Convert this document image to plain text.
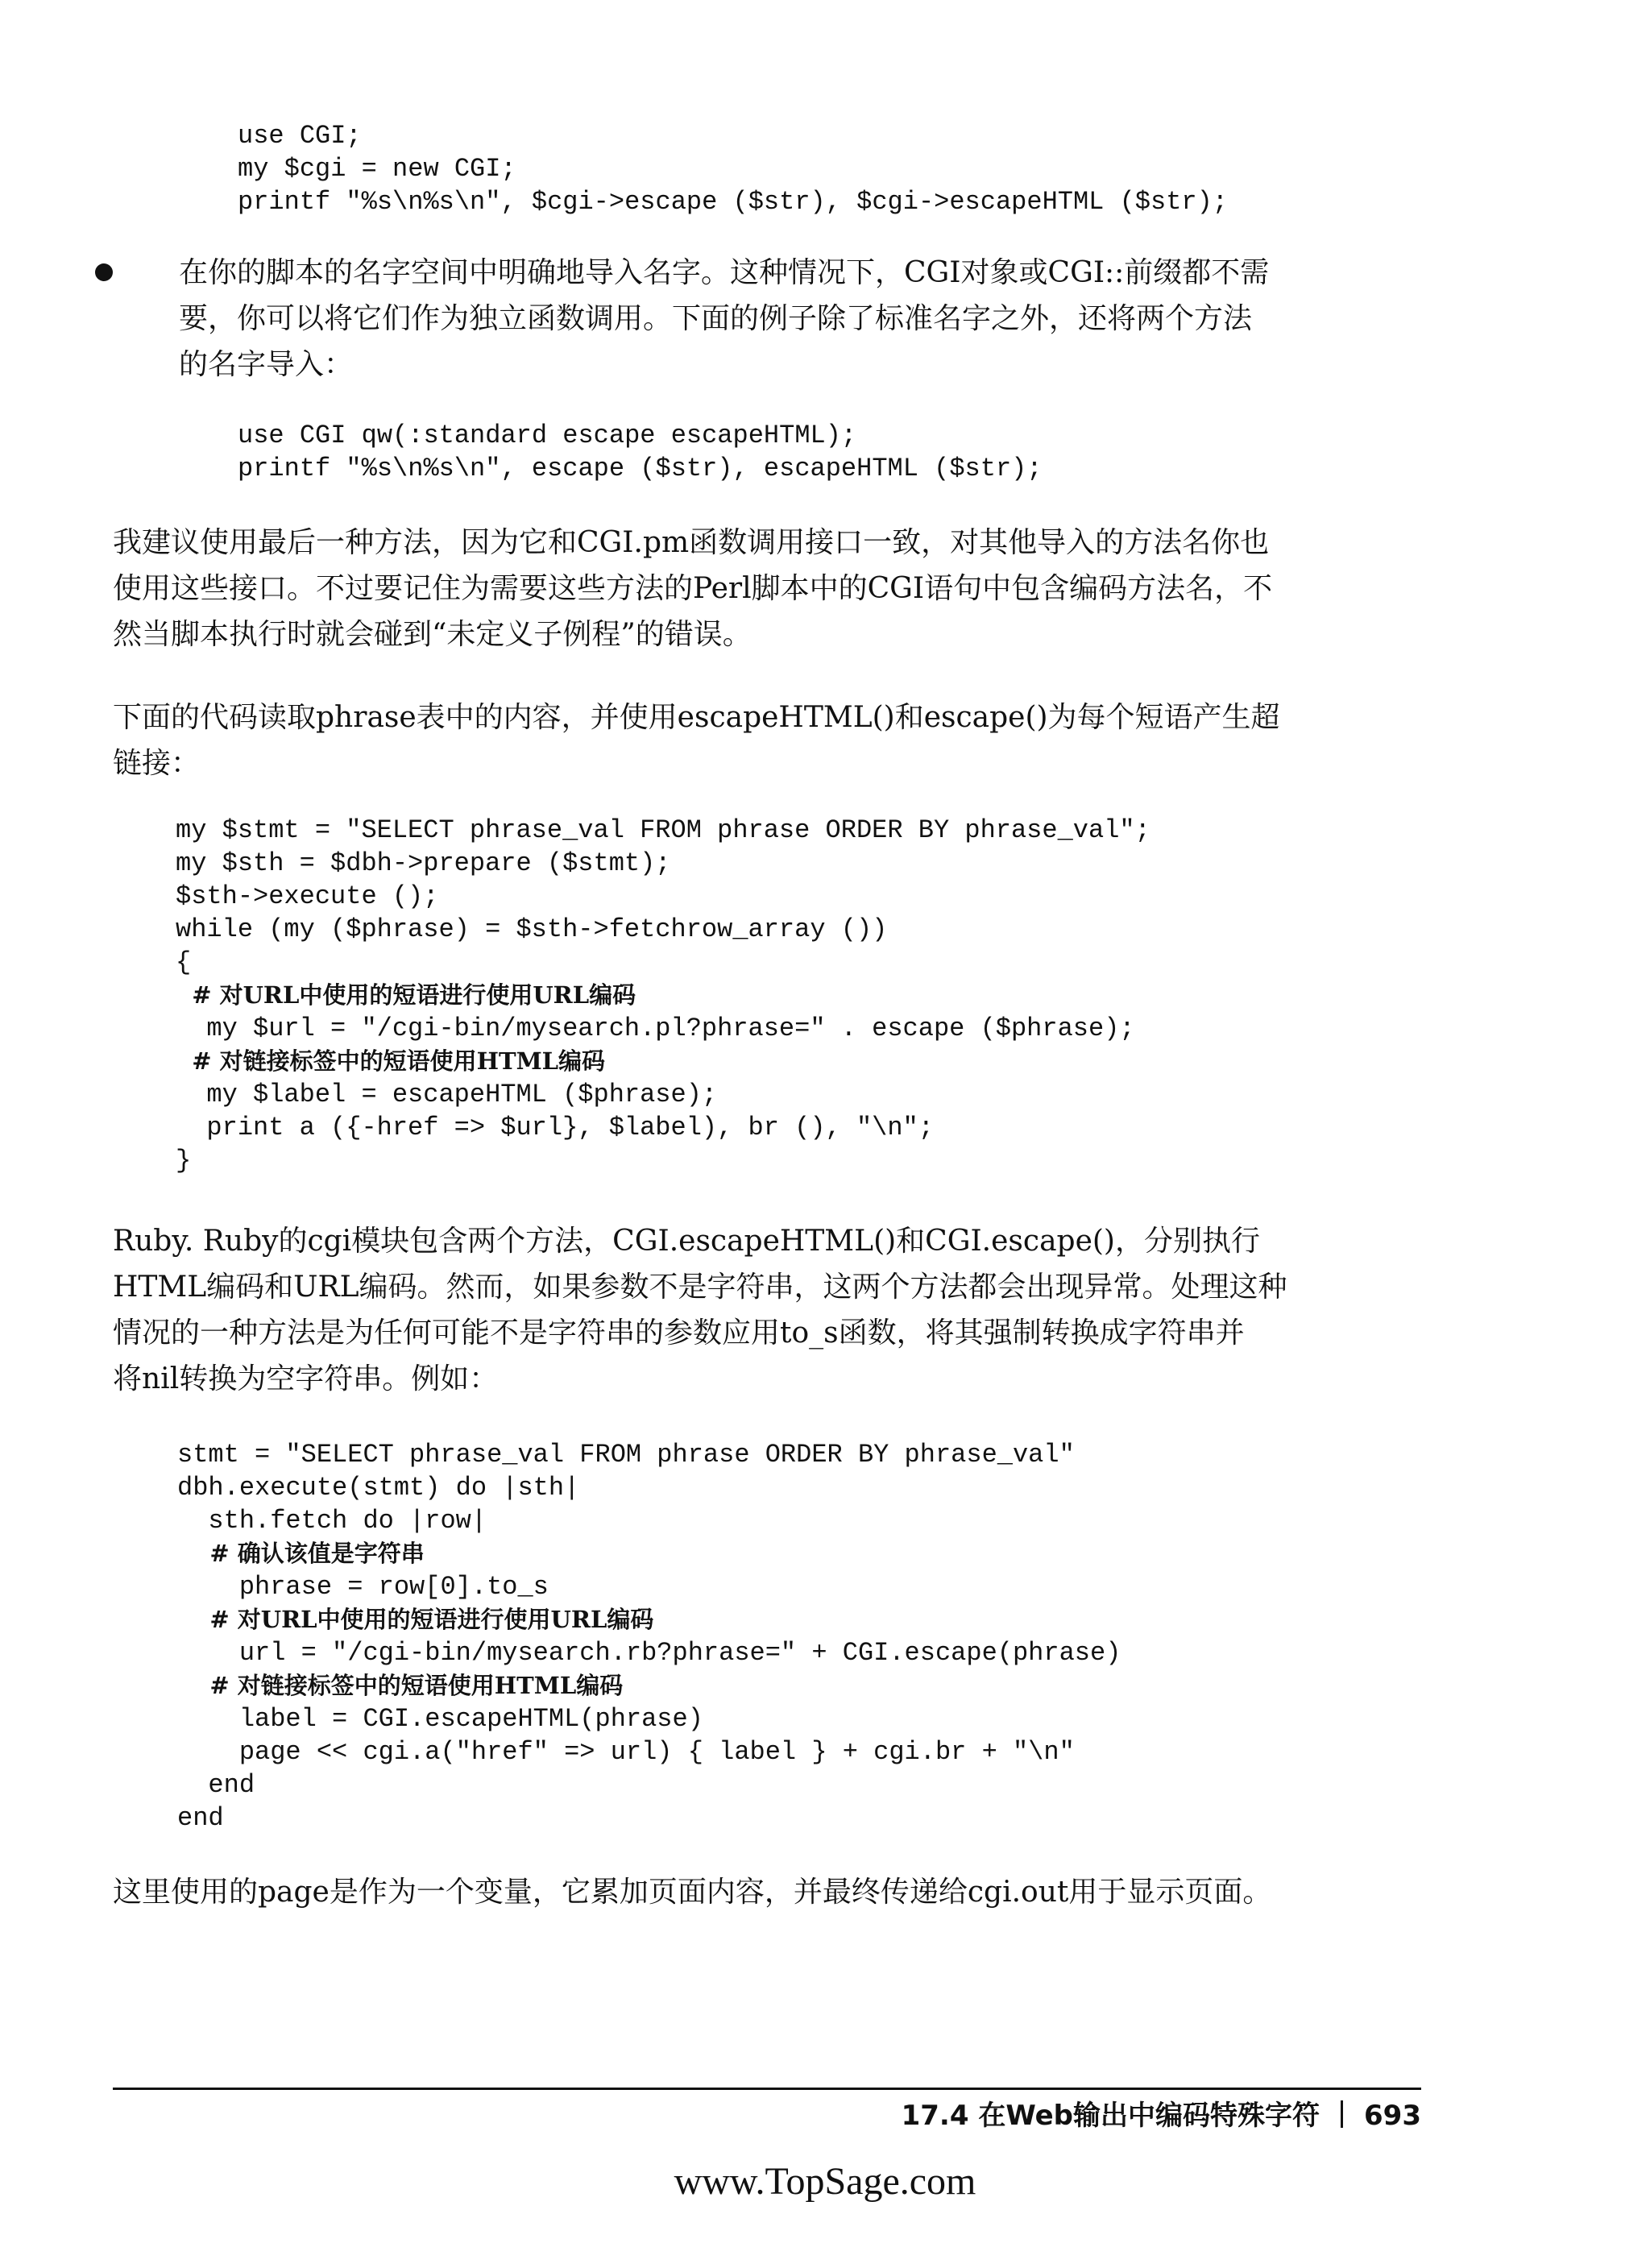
use CGI;
my $cgi = new CGI;
printf "%s\n%s\n", $cgi->escape ($str), $cgi->escapeHTML ($str);
在你的脚本的名字空间中明确地导入名字。这种情况下，CGI对象或CGI::前缀都不需
要，你可以将它们作为独立函数调用。下面的例子除了标准名字之外，还将两个方法
的名字导入：
use CGI qw(:standard escape escapeHTML);
printf "%s\n%s\n", escape ($str), escapeHTML ($str);
我建议使用最后一种方法，因为它和CGI.pm函数调用接口一致，对其他导入的方法名你也
使用这些接口。不过要记住为需要这些方法的Perl脚本中的CGI语句中包含编码方法名，不
然当脚本执行时就会碰到“未定义子例程”的错误。
下面的代码读取phrase表中的内容，并使用escapeHTML()和escape()为每个短语产生超
链接：
my $stmt = "SELECT phrase_val FROM phrase ORDER BY phrase_val";
my $sth = $dbh->prepare ($stmt);
$sth->execute ();
while (my ($phrase) = $sth->fetchrow_array ())
{
# 对URL中使用的短语进行使用URL编码
my $url = "/cgi-bin/mysearch.pl?phrase=" . escape ($phrase);
# 对链接标签中的短语使用HTML编码
my $label = escapeHTML ($phrase);
print a ({-href => $url}, $label), br (), "\n";
}
Ruby. Ruby的cgi模块包含两个方法，CGI.escapeHTML()和CGI.escape()，分别执行
HTML编码和URL编码。然而，如果参数不是字符串，这两个方法都会出现异常。处理这种
情况的一种方法是为任何可能不是字符串的参数应用to_s函数，将其强制转换成字符串并
将nil转换为空字符串。例如：
stmt = "SELECT phrase_val FROM phrase ORDER BY phrase_val"
dbh.execute(stmt) do |sth|
sth.fetch do |row|
# 确认该值是字符串
phrase = row[0].to_s
# 对URL中使用的短语进行使用URL编码
url = "/cgi-bin/mysearch.rb?phrase=" + CGI.escape(phrase)
# 对链接标签中的短语使用HTML编码
label = CGI.escapeHTML(phrase)
page << cgi.a("href" => url) { label } + cgi.br + "\n"
end
end
这里使用的page是作为一个变量，它累加页面内容，并最终传递给cgi.out用于显示页面。
17.4 在Web输出中编码特殊字符 693
www.TopSage.com
